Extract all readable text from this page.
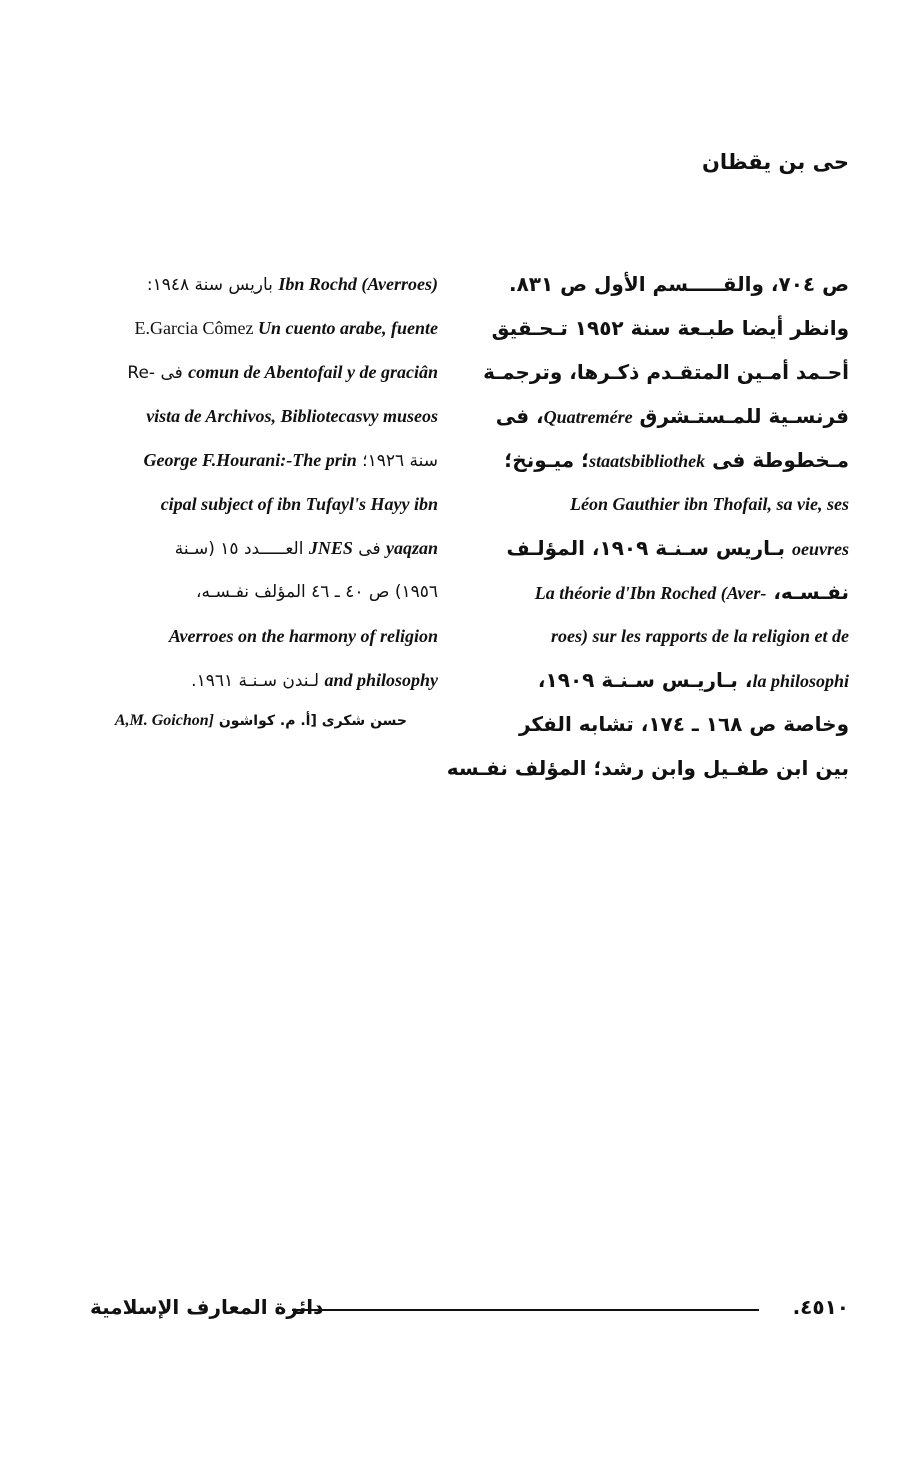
حى بن يقظان
ص ٧٠٤، والقـــــسم الأول ص ٨٣١.
وانظر أيضا طبـعة سنة ١٩٥٢ تـحـقيق
أحـمد أمـين المتقـدم ذكـرها، وترجمـة
فرنسـية للمـستـشرق Quatremére، فى
مـخطوطة فى staatsbibliothek؛ ميـونخ؛
Léon Gauthier ibn Thofail, sa vie, ses
oeuvres بـاريس سـنـة ١٩٠٩، المؤلـف
نفـسـه، La théorie d'Ibn Roched (Aver-
roes) sur les rapports de la religion et de
la philosophi، بـاريـس سـنـة ١٩٠٩،
وخاصة ص ١٦٨ ـ ١٧٤، تشابه الفكر
بين ابن طفـيل وابن رشد؛ المؤلف نفـسه
Ibn Rochd (Averroes) باريس سنة ١٩٤٨:
E.Garcia Cômez Un cuento arabe, fuente
comun de Abentofail y de graciân فى -Re
vista de Archivos, Bibliotecasvy museos
سنة ١٩٢٦؛ George F.Hourani:-The prin
cipal subject of ibn Tufayl's Hayy ibn
yaqzan فى JNES العـــــدد ١٥ (سـنة
١٩٥٦) ص ٤٠ ـ ٤٦ المؤلف نفـسـه،
Averroes on the harmony of religion
and philosophy لـندن سـنـة ١٩٦١.
حسن شكرى [أ. م. كواشون A,M. Goichon]
دائرة المعارف الإسلامية	٤٥١٠.
